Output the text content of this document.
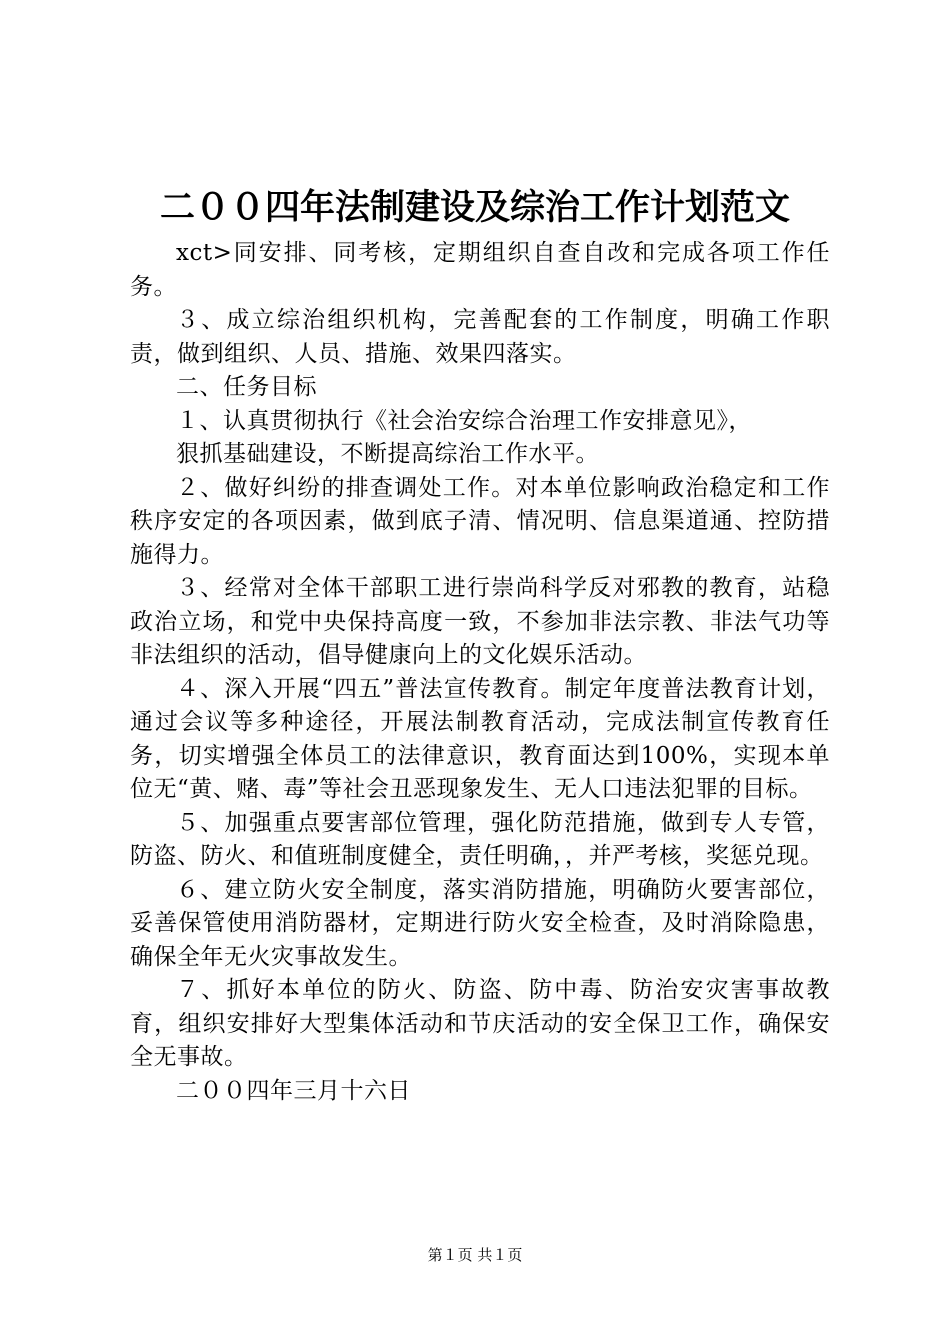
二００四年法制建设及综治工作计划范文

xct>同安排、同考核，定期组织自查自改和完成各项工作任务。

３、成立综治组织机构，完善配套的工作制度，明确工作职责，做到组织、人员、措施、效果四落实。

二、任务目标

１、认真贯彻执行《社会治安综合治理工作安排意见》，

狠抓基础建设，不断提高综治工作水平。

２、做好纠纷的排查调处工作。对本单位影响政治稳定和工作秩序安定的各项因素，做到底子清、情况明、信息渠道通、控防措施得力。

３、经常对全体干部职工进行崇尚科学反对邪教的教育，站稳政治立场，和党中央保持高度一致，不参加非法宗教、非法气功等非法组织的活动，倡导健康向上的文化娱乐活动。

４、深入开展“四五”普法宣传教育。制定年度普法教育计划，通过会议等多种途径，开展法制教育活动，完成法制宣传教育任务，切实增强全体员工的法律意识，教育面达到100%，实现本单位无“黄、赌、毒”等社会丑恶现象发生、无人口违法犯罪的目标。

５、加强重点要害部位管理，强化防范措施，做到专人专管，防盗、防火、和值班制度健全，责任明确，，并严考核，奖惩兑现。

６、建立防火安全制度，落实消防措施，明确防火要害部位，妥善保管使用消防器材，定期进行防火安全检查，及时消除隐患，确保全年无火灾事故发生。

７、抓好本单位的防火、防盗、防中毒、防治安灾害事故教育，组织安排好大型集体活动和节庆活动的安全保卫工作，确保安全无事故。

二００四年三月十六日

第１页 共１页
